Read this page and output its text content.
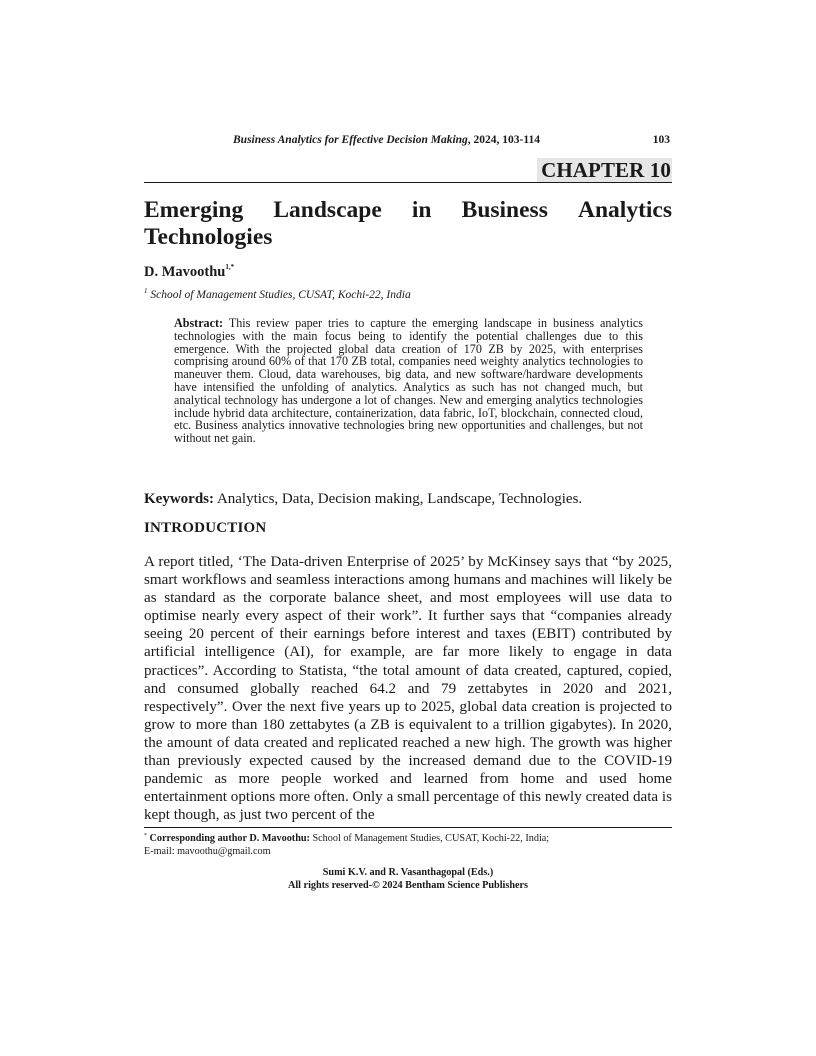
Business Analytics for Effective Decision Making, 2024, 103-114	103
CHAPTER 10
Emerging Landscape in Business Analytics
Technologies
D. Mavoothu$^{1,*}$
$^1$ School of Management Studies, CUSAT, Kochi-22, India
Abstract: This review paper tries to capture the emerging landscape in business analytics technologies with the main focus being to identify the potential challenges due to this emergence. With the projected global data creation of 170 ZB by 2025, with enterprises comprising around 60% of that 170 ZB total, companies need weighty analytics technologies to maneuver them. Cloud, data warehouses, big data, and new software/hardware developments have intensified the unfolding of analytics. Analytics as such has not changed much, but analytical technology has undergone a lot of changes. New and emerging analytics technologies include hybrid data architecture, containerization, data fabric, IoT, blockchain, connected cloud, etc. Business analytics innovative technologies bring new opportunities and challenges, but not without net gain.
Keywords: Analytics, Data, Decision making, Landscape, Technologies.
INTRODUCTION
A report titled, ‘The Data-driven Enterprise of 2025’ by McKinsey says that “by 2025, smart workflows and seamless interactions among humans and machines will likely be as standard as the corporate balance sheet, and most employees will use data to optimise nearly every aspect of their work”. It further says that “companies already seeing 20 percent of their earnings before interest and taxes (EBIT) contributed by artificial intelligence (AI), for example, are far more likely to engage in data practices”. According to Statista, “the total amount of data created, captured, copied, and consumed globally reached 64.2 and 79 zettabytes in 2020 and 2021, respectively”. Over the next five years up to 2025, global data creation is projected to grow to more than 180 zettabytes (a ZB is equivalent to a trillion gigabytes). In 2020, the amount of data created and replicated reached a new high. The growth was higher than previously expected caused by the increased demand due to the COVID-19 pandemic as more people worked and learned from home and used home entertainment options more often. Only a small percentage of this newly created data is kept though, as just two percent of the
* Corresponding author D. Mavoothu: School of Management Studies, CUSAT, Kochi-22, India;
E-mail: mavoothu@gmail.com
Sumi K.V. and R. Vasanthagopal (Eds.)
All rights reserved-© 2024 Bentham Science Publishers
